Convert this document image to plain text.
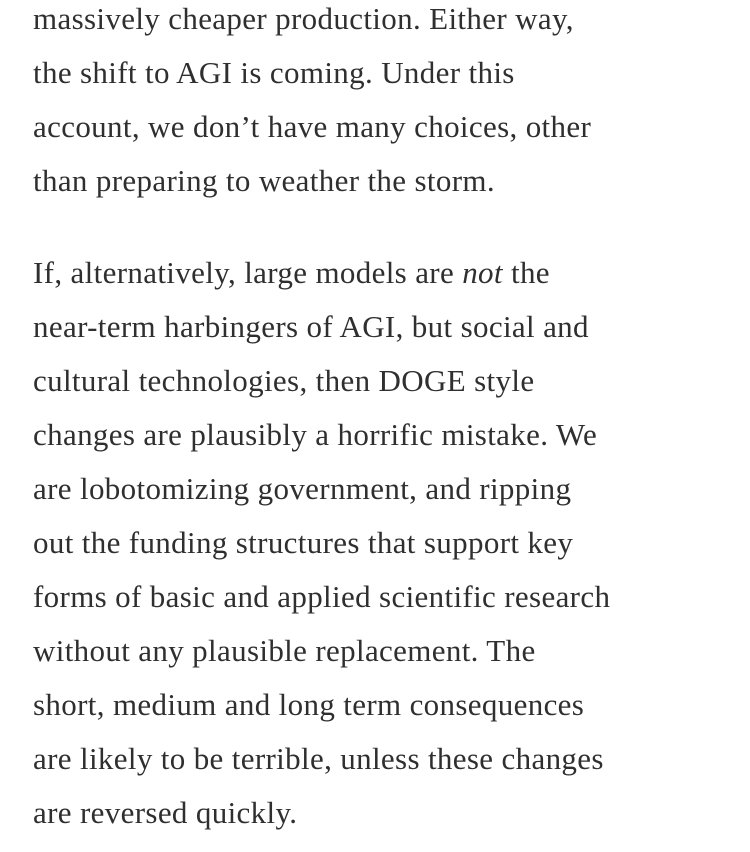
massively cheaper production. Either way,
the shift to AGI is coming. Under this
account, we don’t have many choices, other
than preparing to weather the storm.

If, alternatively, large models are not the
near-term harbingers of AGI, but social and
cultural technologies, then DOGE style
changes are plausibly a horrific mistake. We
are lobotomizing government, and ripping
out the funding structures that support key
forms of basic and applied scientific research
without any plausible replacement. The
short, medium and long term consequences
are likely to be terrible, unless these changes
are reversed quickly.
